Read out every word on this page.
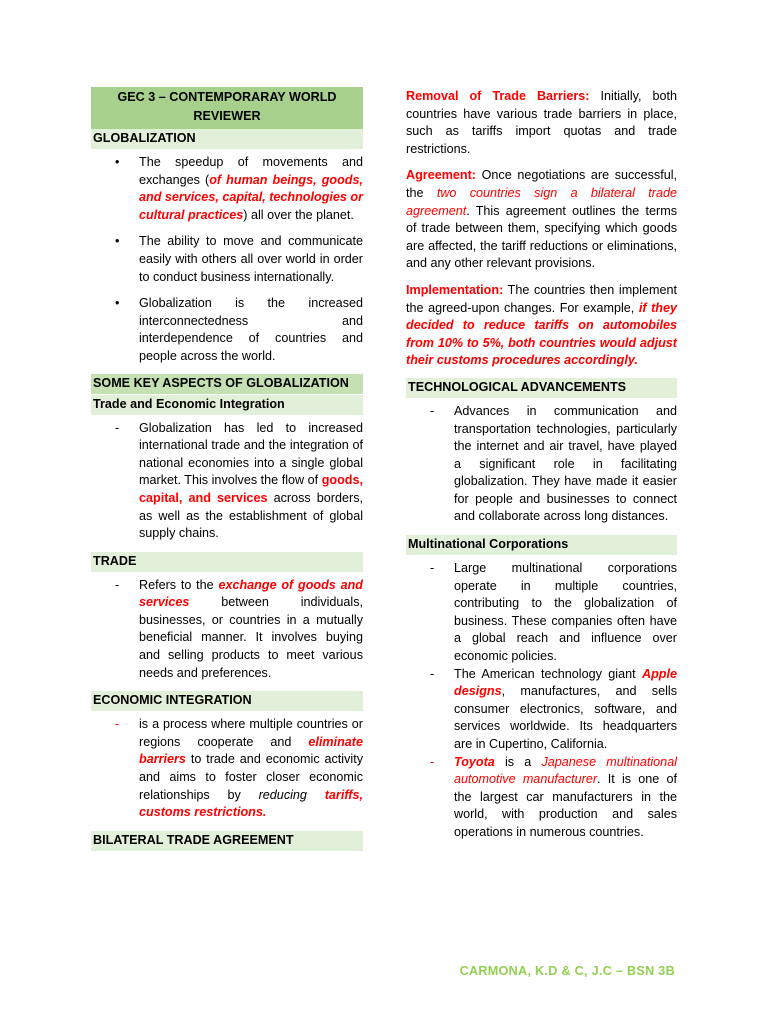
GEC 3 – CONTEMPORARAY WORLD REVIEWER
GLOBALIZATION
• The speedup of movements and exchanges (of human beings, goods, and services, capital, technologies or cultural practices) all over the planet.
• The ability to move and communicate easily with others all over world in order to conduct business internationally.
• Globalization is the increased interconnectedness and interdependence of countries and people across the world.
SOME KEY ASPECTS OF GLOBALIZATION
Trade and Economic Integration
- Globalization has led to increased international trade and the integration of national economies into a single global market. This involves the flow of goods, capital, and services across borders, as well as the establishment of global supply chains.
TRADE
- Refers to the exchange of goods and services between individuals, businesses, or countries in a mutually beneficial manner. It involves buying and selling products to meet various needs and preferences.
ECONOMIC INTEGRATION
- is a process where multiple countries or regions cooperate and eliminate barriers to trade and economic activity and aims to foster closer economic relationships by reducing tariffs, customs restrictions.
BILATERAL TRADE AGREEMENT

Removal of Trade Barriers: Initially, both countries have various trade barriers in place, such as tariffs import quotas and trade restrictions.

Agreement: Once negotiations are successful, the two countries sign a bilateral trade agreement. This agreement outlines the terms of trade between them, specifying which goods are affected, the tariff reductions or eliminations, and any other relevant provisions.

Implementation: The countries then implement the agreed-upon changes. For example, if they decided to reduce tariffs on automobiles from 10% to 5%, both countries would adjust their customs procedures accordingly.

TECHNOLOGICAL ADVANCEMENTS
- Advances in communication and transportation technologies, particularly the internet and air travel, have played a significant role in facilitating globalization. They have made it easier for people and businesses to connect and collaborate across long distances.
Multinational Corporations
- Large multinational corporations operate in multiple countries, contributing to the globalization of business. These companies often have a global reach and influence over economic policies.
- The American technology giant Apple designs, manufactures, and sells consumer electronics, software, and services worldwide. Its headquarters are in Cupertino, California.
- Toyota is a Japanese multinational automotive manufacturer. It is one of the largest car manufacturers in the world, with production and sales operations in numerous countries.
CARMONA, K.D & C, J.C – BSN 3B
